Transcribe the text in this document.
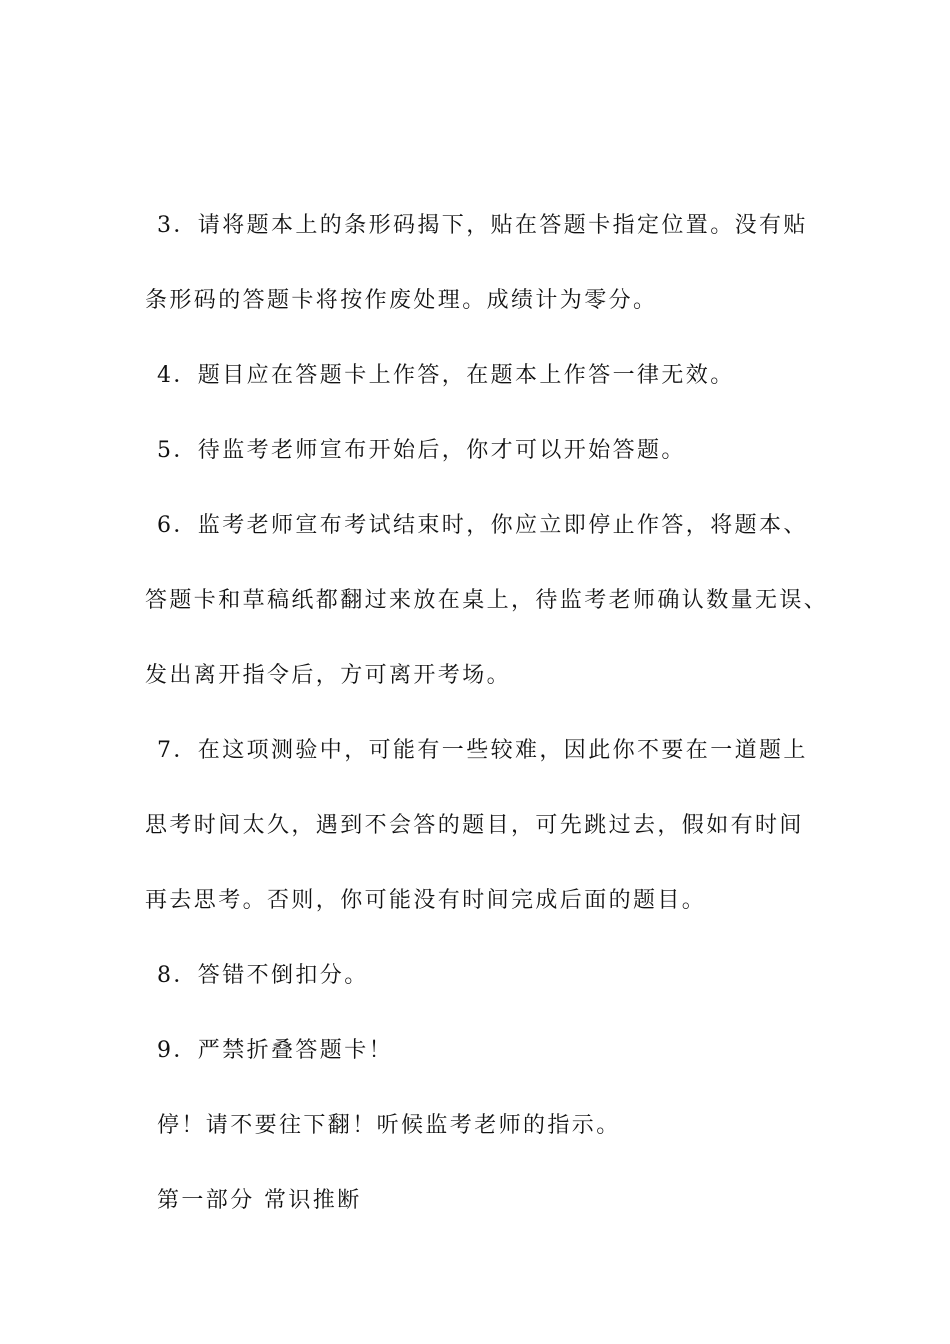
3．请将题本上的条形码揭下，贴在答题卡指定位置。没有贴
条形码的答题卡将按作废处理。成绩计为零分。
4．题目应在答题卡上作答，在题本上作答一律无效。
5．待监考老师宣布开始后，你才可以开始答题。
6．监考老师宣布考试结束时，你应立即停止作答，将题本、
答题卡和草稿纸都翻过来放在桌上，待监考老师确认数量无误、
发出离开指令后，方可离开考场。
7．在这项测验中，可能有一些较难，因此你不要在一道题上
思考时间太久，遇到不会答的题目，可先跳过去，假如有时间
再去思考。否则，你可能没有时间完成后面的题目。
8．答错不倒扣分。
9．严禁折叠答题卡！
停！请不要往下翻！听候监考老师的指示。
第一部分 常识推断
